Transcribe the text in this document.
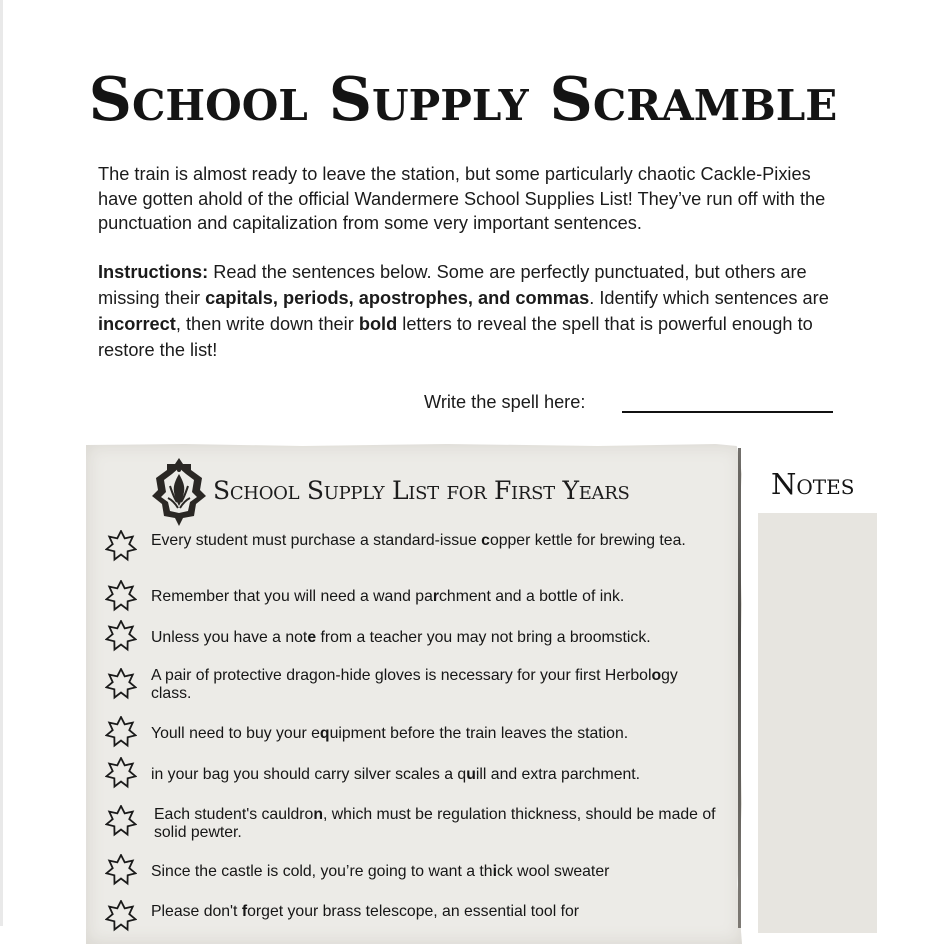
School Supply Scramble

The train is almost ready to leave the station, but some particularly chaotic Cackle-Pixies have gotten ahold of the official Wandermere School Supplies List! They’ve run off with the punctuation and capitalization from some very important sentences.

Instructions: Read the sentences below. Some are perfectly punctuated, but others are missing their capitals, periods, apostrophes, and commas. Identify which sentences are incorrect, then write down their bold letters to reveal the spell that is powerful enough to restore the list!

Write the spell here:
School Supply List for First Years	Notes
Every student must purchase a standard-issue copper kettle for brewing tea.
Remember that you will need a wand parchment and a bottle of ink.
Unless you have a note from a teacher you may not bring a broomstick.
A pair of protective dragon-hide gloves is necessary for your first Herbology class.
Youll need to buy your equipment before the train leaves the station.
in your bag you should carry silver scales a quill and extra parchment.
Each student's cauldron, which must be regulation thickness, should be made of solid pewter.
Since the castle is cold, you’re going to want a thick wool sweater
Please don't forget your brass telescope, an essential tool for
